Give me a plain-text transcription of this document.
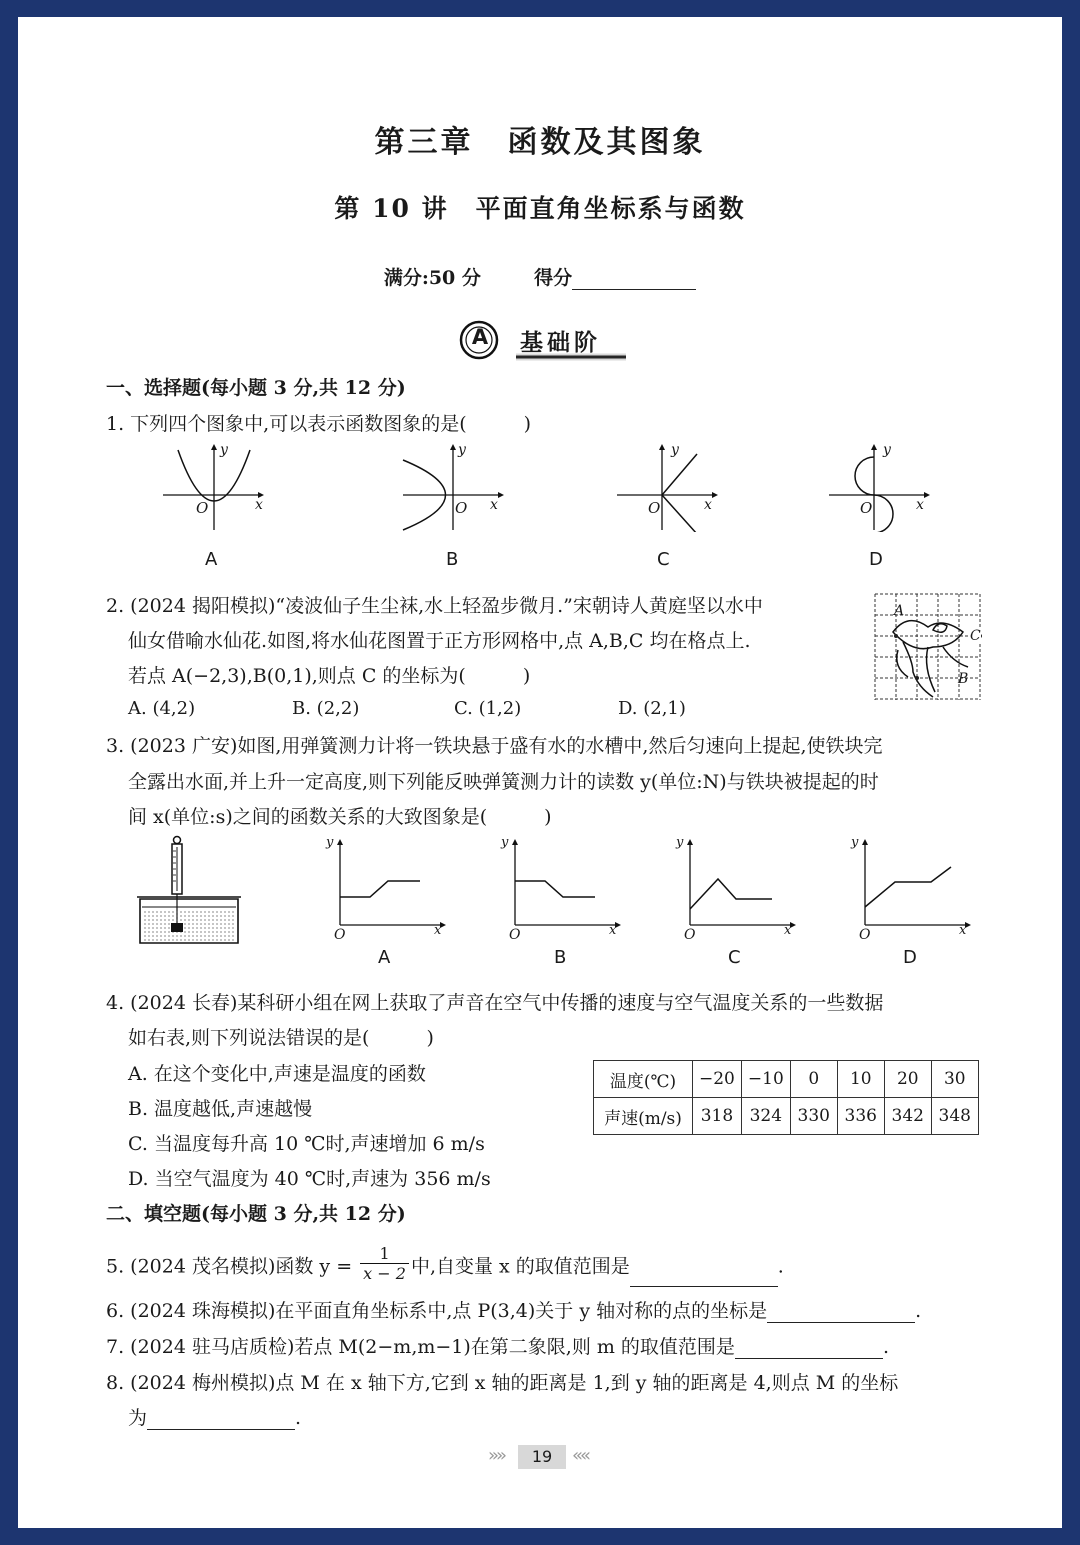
第三章 函数及其图象
第 10 讲　平面直角坐标系与函数
满分:50 分	得分
A 基础阶
一、选择题(每小题 3 分,共 12 分)
1. 下列四个图象中,可以表示函数图象的是(　　　)
y
x
O
A
y
x
O
B
y
x
O
C
y
x
O
D
2. (2024 揭阳模拟)“凌波仙子生尘袜,水上轻盈步微月.”宋朝诗人黄庭坚以水中
仙女借喻水仙花.如图,将水仙花图置于正方形网格中,点 A,B,C 均在格点上.
若点 A(−2,3),B(0,1),则点 C 的坐标为(　　　)
A. (4,2)	B. (2,2)	C. (1,2)	D. (2,1)
A
B
C
3. (2023 广安)如图,用弹簧测力计将一铁块悬于盛有水的水槽中,然后匀速向上提起,使铁块完
全露出水面,并上升一定高度,则下列能反映弹簧测力计的读数 y(单位:N)与铁块被提起的时
间 x(单位:s)之间的函数关系的大致图象是(　　　)
y
x
O
A
y
x
O
B
y
x
O
C
y
x
O
D
4. (2024 长春)某科研小组在网上获取了声音在空气中传播的速度与空气温度关系的一些数据
如右表,则下列说法错误的是(　　　)
A. 在这个变化中,声速是温度的函数
B. 温度越低,声速越慢
C. 当温度每升高 10 ℃时,声速增加 6 m/s
D. 当空气温度为 40 ℃时,声速为 356 m/s
温度(℃)	−20	−10	0	10	20	30
声速(m/s)	318	324	330	336	342	348
二、填空题(每小题 3 分,共 12 分)
5. (2024 茂名模拟)函数 $y = \frac{1}{x - 2}$ 中,自变量 x 的取值范围是	.
6. (2024 珠海模拟)在平面直角坐标系中,点 P(3,4)关于 y 轴对称的点的坐标是	.
7. (2024 驻马店质检)若点 M(2−m,m−1)在第二象限,则 m 的取值范围是	.
8. (2024 梅州模拟)点 M 在 x 轴下方,它到 x 轴的距离是 1,到 y 轴的距离是 4,则点 M 的坐标
为	.
»»	19	««
